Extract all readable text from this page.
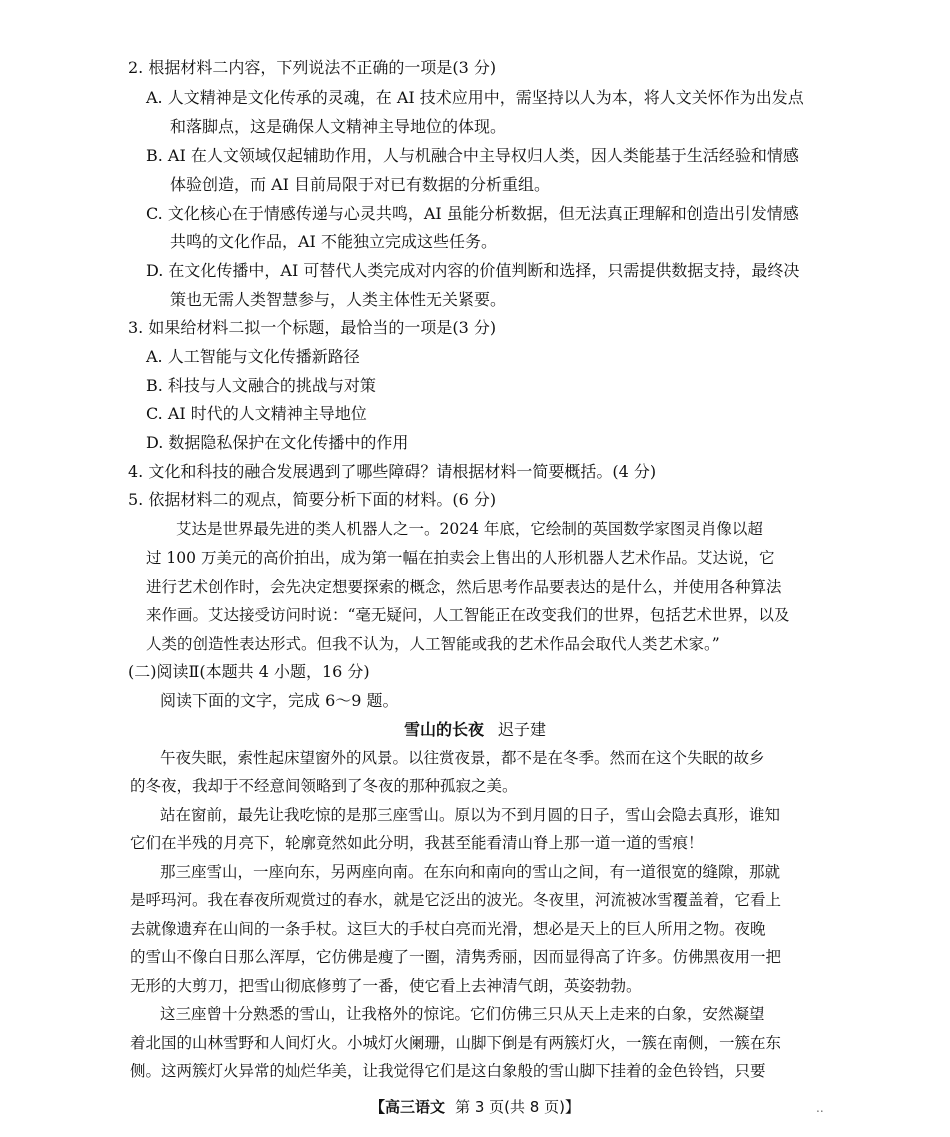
2. 根据材料二内容，下列说法不正确的一项是(3 分)
A. 人文精神是文化传承的灵魂，在 AI 技术应用中，需坚持以人为本，将人文关怀作为出发点
和落脚点，这是确保人文精神主导地位的体现。
B. AI 在人文领域仅起辅助作用，人与机融合中主导权归人类，因人类能基于生活经验和情感
体验创造，而 AI 目前局限于对已有数据的分析重组。
C. 文化核心在于情感传递与心灵共鸣，AI 虽能分析数据，但无法真正理解和创造出引发情感
共鸣的文化作品，AI 不能独立完成这些任务。
D. 在文化传播中，AI 可替代人类完成对内容的价值判断和选择，只需提供数据支持，最终决
策也无需人类智慧参与，人类主体性无关紧要。
3. 如果给材料二拟一个标题，最恰当的一项是(3 分)
A. 人工智能与文化传播新路径
B. 科技与人文融合的挑战与对策
C. AI 时代的人文精神主导地位
D. 数据隐私保护在文化传播中的作用
4. 文化和科技的融合发展遇到了哪些障碍？请根据材料一简要概括。(4 分)
5. 依据材料二的观点，简要分析下面的材料。(6 分)
艾达是世界最先进的类人机器人之一。2024 年底，它绘制的英国数学家图灵肖像以超
过 100 万美元的高价拍出，成为第一幅在拍卖会上售出的人形机器人艺术作品。艾达说，它
进行艺术创作时，会先决定想要探索的概念，然后思考作品要表达的是什么，并使用各种算法
来作画。艾达接受访问时说：“毫无疑问，人工智能正在改变我们的世界，包括艺术世界，以及
人类的创造性表达形式。但我不认为，人工智能或我的艺术作品会取代人类艺术家。”
(二)阅读Ⅱ(本题共 4 小题，16 分)
阅读下面的文字，完成 6～9 题。
雪山的长夜 迟子建
午夜失眠，索性起床望窗外的风景。以往赏夜景，都不是在冬季。然而在这个失眠的故乡
的冬夜，我却于不经意间领略到了冬夜的那种孤寂之美。
站在窗前，最先让我吃惊的是那三座雪山。原以为不到月圆的日子，雪山会隐去真形，谁知
它们在半残的月亮下，轮廓竟然如此分明，我甚至能看清山脊上那一道一道的雪痕！
那三座雪山，一座向东，另两座向南。在东向和南向的雪山之间，有一道很宽的缝隙，那就
是呼玛河。我在春夜所观赏过的春水，就是它泛出的波光。冬夜里，河流被冰雪覆盖着，它看上
去就像遗弃在山间的一条手杖。这巨大的手杖白亮而光滑，想必是天上的巨人所用之物。夜晚
的雪山不像白日那么浑厚，它仿佛是瘦了一圈，清隽秀丽，因而显得高了许多。仿佛黑夜用一把
无形的大剪刀，把雪山彻底修剪了一番，使它看上去神清气朗，英姿勃勃。
这三座曾十分熟悉的雪山，让我格外的惊诧。它们仿佛三只从天上走来的白象，安然凝望
着北国的山林雪野和人间灯火。小城灯火阑珊，山脚下倒是有两簇灯火，一簇在南侧，一簇在东
侧。这两簇灯火异常的灿烂华美，让我觉得它们是这白象般的雪山脚下挂着的金色铃铛，只要
【高三语文 第 3 页(共 8 页)】	..
